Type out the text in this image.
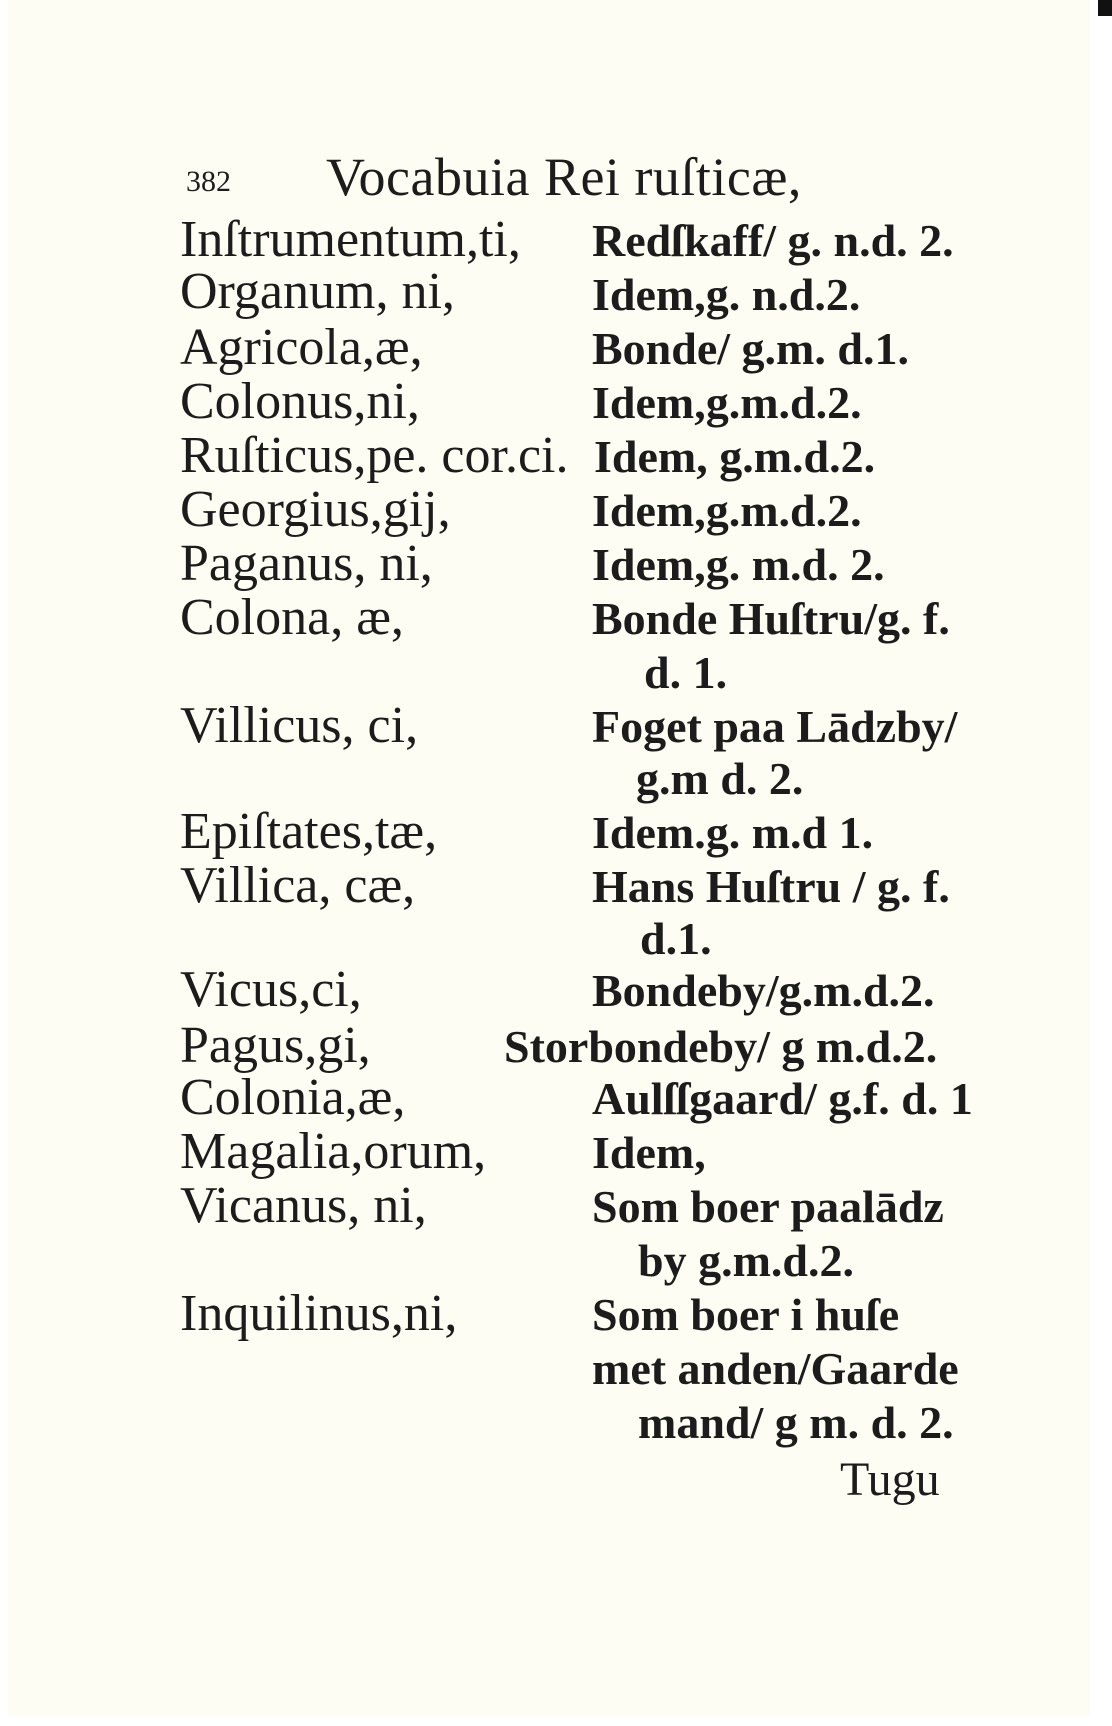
382 Vocabuia Rei ruſticæ,
Inſtrumentum,ti,
Organum, ni,
Agricola,æ,
Colonus,ni,
Ruſticus,pe. cor.ci.
Georgius,gij,
Paganus, ni,
Colona, æ,
Villicus, ci,
Epiſtates,tæ,
Villica, cæ,
Vicus,ci,
Pagus,gi,
Colonia,æ,
Magalia,orum,
Vicanus, ni,
Inquilinus,ni,
Redſkaff/ g. n.d. 2.
Idem,g. n.d.2.
Bonde/ g.m. d.1.
Idem,g.m.d.2.
Idem, g.m.d.2.
Idem,g.m.d.2.
Idem,g. m.d. 2.
Bonde Huſtru/g. f.
d. 1.
Foget paa Lādzby/
g.m d. 2.
Idem.g. m.d 1.
Hans Huſtru / g. f.
d.1.
Bondeby/g.m.d.2.
Storbondeby/ g m.d.2.
Aulſſgaard/ g.f. d. 1
Idem,
Som boer paalādz
by g.m.d.2.
Som boer i huſe
met anden/Gaarde
mand/ g m. d. 2.
Tugu
